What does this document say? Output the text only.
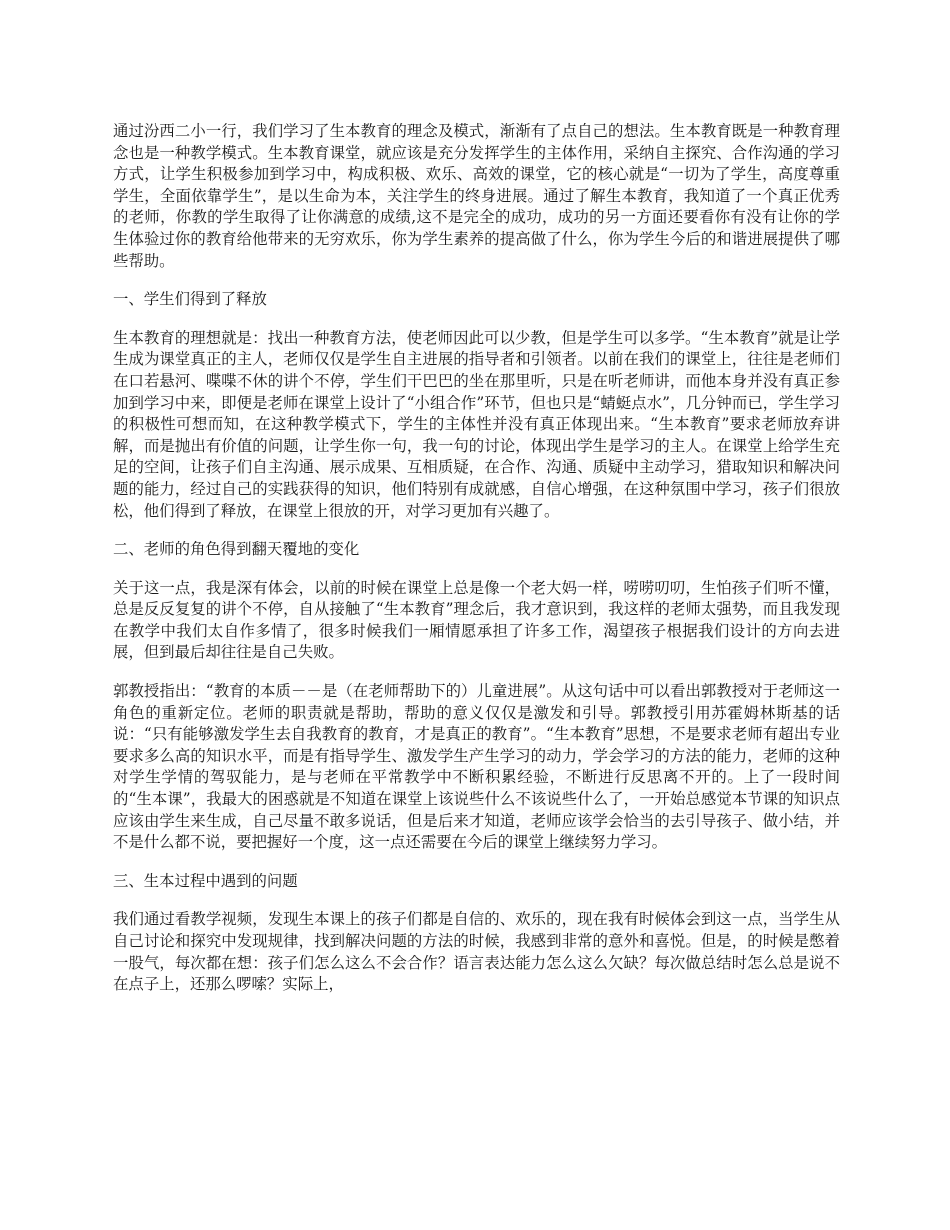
通过汾西二小一行，我们学习了生本教育的理念及模式，渐渐有了点自己的想法。生本教育既是一种教育理念也是一种教学模式。生本教育课堂，就应该是充分发挥学生的主体作用，采纳自主探究、合作沟通的学习方式，让学生积极参加到学习中，构成积极、欢乐、高效的课堂，它的核心就是“一切为了学生，高度尊重学生，全面依靠学生”，是以生命为本，关注学生的终身进展。通过了解生本教育，我知道了一个真正优秀的老师，你教的学生取得了让你满意的成绩,这不是完全的成功，成功的另一方面还要看你有没有让你的学生体验过你的教育给他带来的无穷欢乐，你为学生素养的提高做了什么，你为学生今后的和谐进展提供了哪些帮助。

一、学生们得到了释放

生本教育的理想就是：找出一种教育方法，使老师因此可以少教，但是学生可以多学。“生本教育”就是让学生成为课堂真正的主人，老师仅仅是学生自主进展的指导者和引领者。以前在我们的课堂上，往往是老师们在口若悬河、喋喋不休的讲个不停，学生们干巴巴的坐在那里听，只是在听老师讲，而他本身并没有真正参加到学习中来，即便是老师在课堂上设计了“小组合作”环节，但也只是“蜻蜓点水”，几分钟而已，学生学习的积极性可想而知，在这种教学模式下，学生的主体性并没有真正体现出来。“生本教育”要求老师放弃讲解，而是抛出有价值的问题，让学生你一句，我一句的讨论，体现出学生是学习的主人。在课堂上给学生充足的空间，让孩子们自主沟通、展示成果、互相质疑，在合作、沟通、质疑中主动学习，猎取知识和解决问题的能力，经过自己的实践获得的知识，他们特别有成就感，自信心增强，在这种氛围中学习，孩子们很放松，他们得到了释放，在课堂上很放的开，对学习更加有兴趣了。

二、老师的角色得到翻天覆地的变化

关于这一点，我是深有体会，以前的时候在课堂上总是像一个老大妈一样，唠唠叨叨，生怕孩子们听不懂，总是反反复复的讲个不停，自从接触了“生本教育”理念后，我才意识到，我这样的老师太强势，而且我发现在教学中我们太自作多情了，很多时候我们一厢情愿承担了许多工作，渴望孩子根据我们设计的方向去进展，但到最后却往往是自己失败。

郭教授指出：“教育的本质－－是（在老师帮助下的）儿童进展”。从这句话中可以看出郭教授对于老师这一角色的重新定位。老师的职责就是帮助，帮助的意义仅仅是激发和引导。郭教授引用苏霍姆林斯基的话说：“只有能够激发学生去自我教育的教育，才是真正的教育”。“生本教育”思想，不是要求老师有超出专业要求多么高的知识水平，而是有指导学生、激发学生产生学习的动力，学会学习的方法的能力，老师的这种对学生学情的驾驭能力，是与老师在平常教学中不断积累经验，不断进行反思离不开的。上了一段时间的“生本课”，我最大的困惑就是不知道在课堂上该说些什么不该说些什么了，一开始总感觉本节课的知识点应该由学生来生成，自己尽量不敢多说话，但是后来才知道，老师应该学会恰当的去引导孩子、做小结，并不是什么都不说，要把握好一个度，这一点还需要在今后的课堂上继续努力学习。

三、生本过程中遇到的问题

我们通过看教学视频，发现生本课上的孩子们都是自信的、欢乐的，现在我有时候体会到这一点，当学生从自己讨论和探究中发现规律，找到解决问题的方法的时候，我感到非常的意外和喜悦。但是，的时候是憋着一股气，每次都在想：孩子们怎么这么不会合作？语言表达能力怎么这么欠缺？每次做总结时怎么总是说不在点子上，还那么啰嗦？实际上，
